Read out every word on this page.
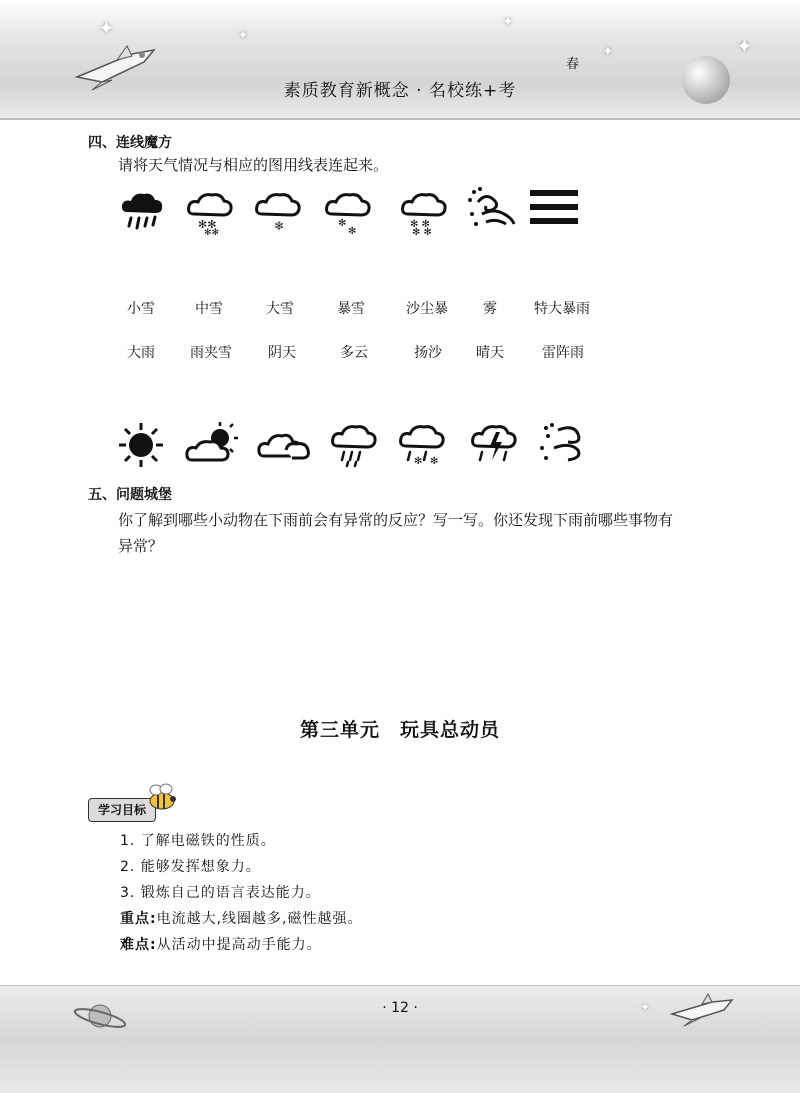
✦	✦
✦
✦	✦
春
素质教育新概念 · 名校练+考
四、连线魔方
请将天气情况与相应的图用线表连起来。
✻✻
✻✻	❄	✻
✻
✻ ✻
✻ ✻
小雪	中雪	大雪	暴雪	沙尘暴	雾	特大暴雨
大雨	雨夹雪	阴天	多云	扬沙	晴天	雷阵雨
✻ ✻
五、问题城堡
你了解到哪些小动物在下雨前会有异常的反应？写一写。你还发现下雨前哪些事物有
异常？
第三单元　玩具总动员
学习目标
1. 了解电磁铁的性质。
2. 能够发挥想象力。
3. 锻炼自己的语言表达能力。
重点:电流越大,线圈越多,磁性越强。
难点:从活动中提高动手能力。
· 12 ·	✦
